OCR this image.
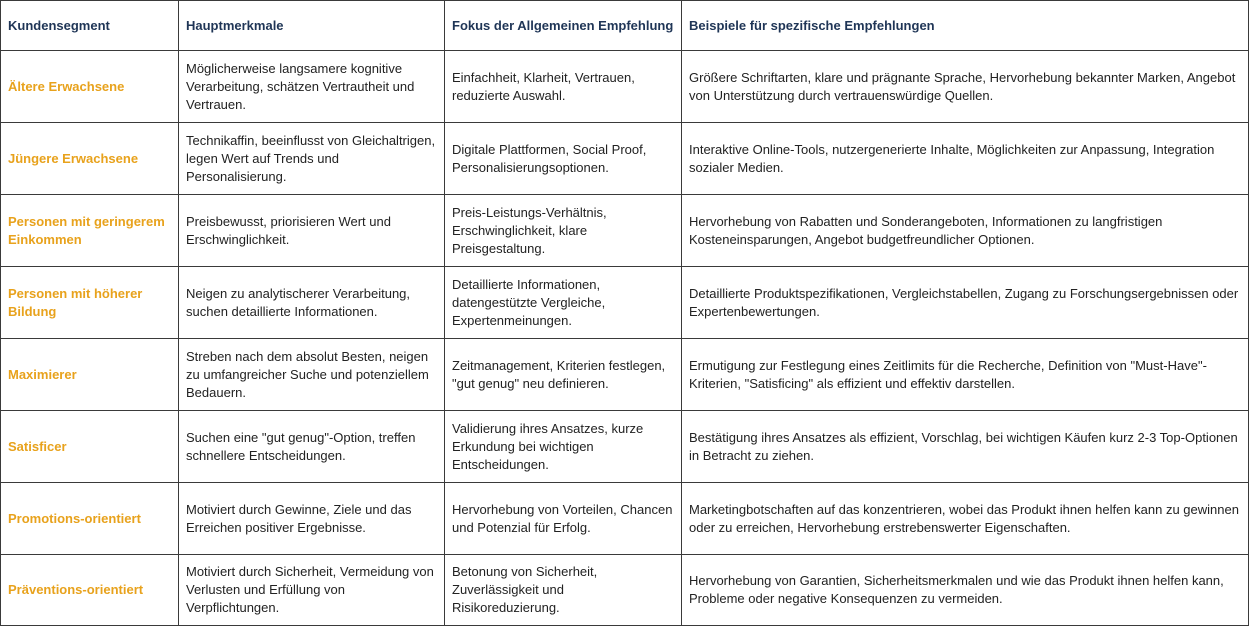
Kundensegment	Hauptmerkmale	Fokus der Allgemeinen Empfehlung	Beispiele für spezifische Empfehlungen
Ältere Erwachsene	Möglicherweise langsamere kognitive Verarbeitung, schätzen Vertrautheit und Vertrauen.	Einfachheit, Klarheit, Vertrauen, reduzierte Auswahl.	Größere Schriftarten, klare und prägnante Sprache, Hervorhebung bekannter Marken, Angebot von Unterstützung durch vertrauenswürdige Quellen.
Jüngere Erwachsene	Technikaffin, beeinflusst von Gleichaltrigen, legen Wert auf Trends und Personalisierung.	Digitale Plattformen, Social Proof, Personalisierungsoptionen.	Interaktive Online-Tools, nutzergenerierte Inhalte, Möglichkeiten zur Anpassung, Integration sozialer Medien.
Personen mit geringerem Einkommen	Preisbewusst, priorisieren Wert und Erschwinglichkeit.	Preis-Leistungs-Verhältnis, Erschwinglichkeit, klare Preisgestaltung.	Hervorhebung von Rabatten und Sonderangeboten, Informationen zu langfristigen Kosteneinsparungen, Angebot budgetfreundlicher Optionen.
Personen mit höherer Bildung	Neigen zu analytischerer Verarbeitung, suchen detaillierte Informationen.	Detaillierte Informationen, datengestützte Vergleiche, Expertenmeinungen.	Detaillierte Produktspezifikationen, Vergleichstabellen, Zugang zu Forschungsergebnissen oder Expertenbewertungen.
Maximierer	Streben nach dem absolut Besten, neigen zu umfangreicher Suche und potenziellem Bedauern.	Zeitmanagement, Kriterien festlegen, "gut genug" neu definieren.	Ermutigung zur Festlegung eines Zeitlimits für die Recherche, Definition von "Must-Have"-Kriterien, "Satisficing" als effizient und effektiv darstellen.
Satisficer	Suchen eine "gut genug"-Option, treffen schnellere Entscheidungen.	Validierung ihres Ansatzes, kurze Erkundung bei wichtigen Entscheidungen.	Bestätigung ihres Ansatzes als effizient, Vorschlag, bei wichtigen Käufen kurz 2-3 Top-Optionen in Betracht zu ziehen.
Promotions-orientiert	Motiviert durch Gewinne, Ziele und das Erreichen positiver Ergebnisse.	Hervorhebung von Vorteilen, Chancen und Potenzial für Erfolg.	Marketingbotschaften auf das konzentrieren, wobei das Produkt ihnen helfen kann zu gewinnen oder zu erreichen, Hervorhebung erstrebenswerter Eigenschaften.
Präventions-orientiert	Motiviert durch Sicherheit, Vermeidung von Verlusten und Erfüllung von Verpflichtungen.	Betonung von Sicherheit, Zuverlässigkeit und Risikoreduzierung.	Hervorhebung von Garantien, Sicherheitsmerkmalen und wie das Produkt ihnen helfen kann, Probleme oder negative Konsequenzen zu vermeiden.
